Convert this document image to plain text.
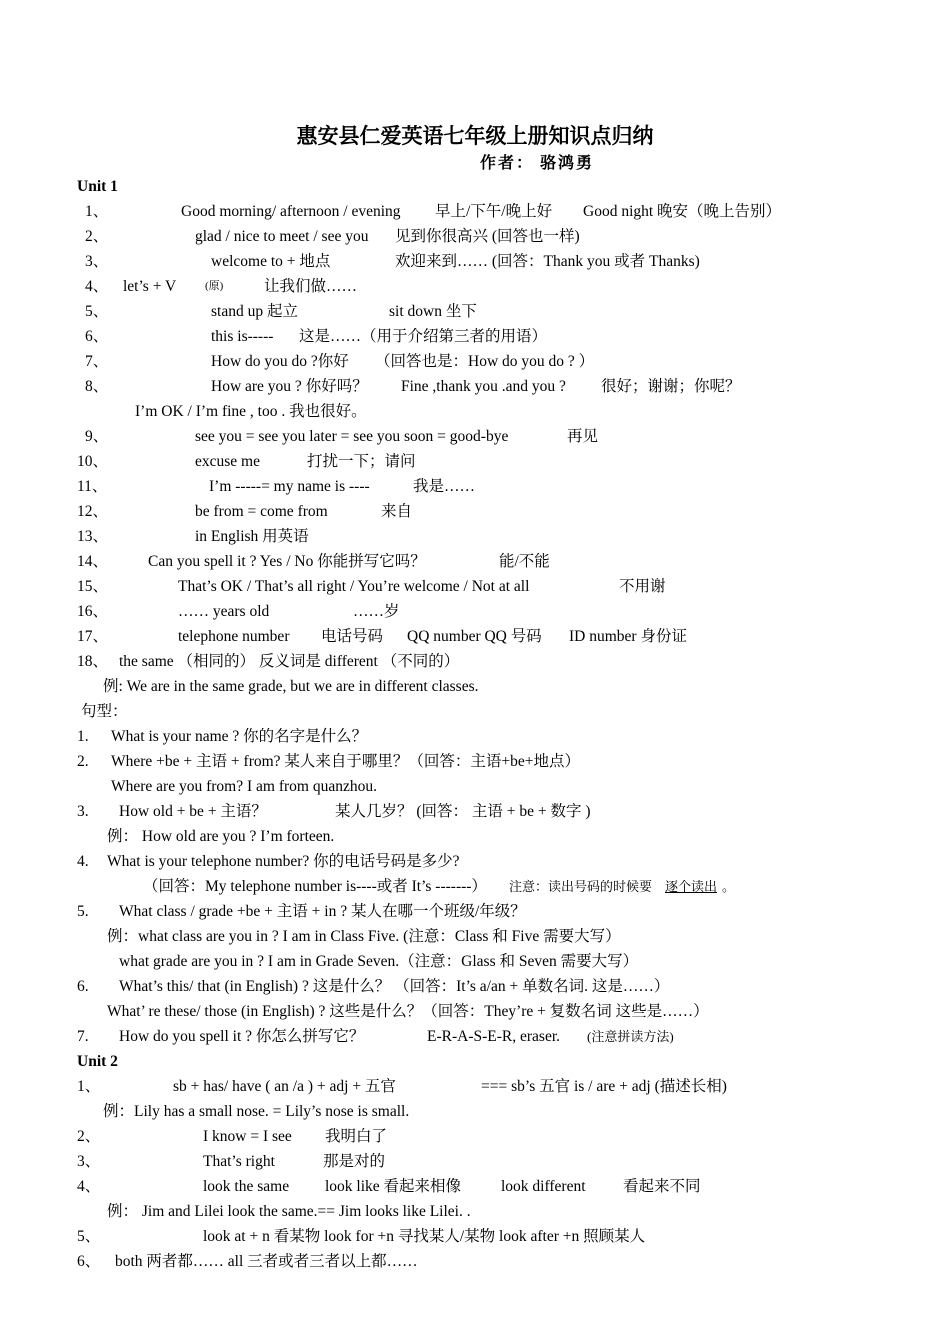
惠安县仁爱英语七年级上册知识点归纳
作者： 骆鸿勇
Unit 1
1、	Good morning/ afternoon / evening 早上/下午/晚上好 Good night 晚安（晚上告别）
2、	glad / nice to meet / see you 见到你很高兴 (回答也一样)
3、	welcome to + 地点	欢迎来到…… (回答：Thank you 或者 Thanks)
4、 let’s + V	(原)	让我们做……
5、	stand up 起立	sit down 坐下
6、	this is----- 这是……（用于介绍第三者的用语）
7、	How do you do ?你好 （回答也是：How do you do ? ）
8、	How are you ? 你好吗？ Fine ,thank you .and you ? 很好；谢谢；你呢？
I’m OK / I’m fine , too . 我也很好。
9、	see you = see you later = see you soon = good-bye	再见
10、	excuse me	打扰一下；请问
11、	I’m -----= my name is ----	我是……
12、	be from = come from	来自
13、	in English 用英语
14、	Can you spell it ? Yes / No 你能拼写它吗？	能/不能
15、	That’s OK / That’s all right / You’re welcome / Not at all	不用谢
16、	…… years old	……岁
17、	telephone number 电话号码 QQ number QQ 号码 ID number 身份证
18、 the same （相同的） 反义词是 different （不同的）
例: We are in the same grade, but we are in different classes.
句型：
1. What is your name ? 你的名字是什么？
2. Where +be + 主语 + from? 某人来自于哪里？（回答：主语+be+地点）
Where are you from? I am from quanzhou.
3. How old + be + 主语？	某人几岁？ (回答： 主语 + be + 数字 )
例： How old are you ? I’m forteen.
4. What is your telephone number? 你的电话号码是多少?
（回答：My telephone number is----或者 It’s -------） 注意：读出号码的时候要 逐个读出 。
5. What class / grade +be + 主语 + in ? 某人在哪一个班级/年级？
例：what class are you in ? I am in Class Five. (注意：Class 和 Five 需要大写）
what grade are you in ? I am in Grade Seven.（注意：Glass 和 Seven 需要大写）
6. What’s this/ that (in English) ? 这是什么？ （回答：It’s a/an + 单数名词. 这是……）
What’ re these/ those (in English) ? 这些是什么？（回答：They’re + 复数名词 这些是……）
7. How do you spell it ? 你怎么拼写它？	E-R-A-S-E-R, eraser. (注意拼读方法)
Unit 2
1、	sb + has/ have ( an /a ) + adj + 五官	=== sb’s 五官 is / are + adj (描述长相)
例：Lily has a small nose. = Lily’s nose is small.
2、	I know = I see 我明白了
3、	That’s right	那是对的
4、	look the same look like 看起来相像	look different 看起来不同
例： Jim and Lilei look the same.== Jim looks like Lilei. .
5、	look at + n 看某物 look for +n 寻找某人/某物 look after +n 照顾某人
6、 both 两者都…… all 三者或者三者以上都……
